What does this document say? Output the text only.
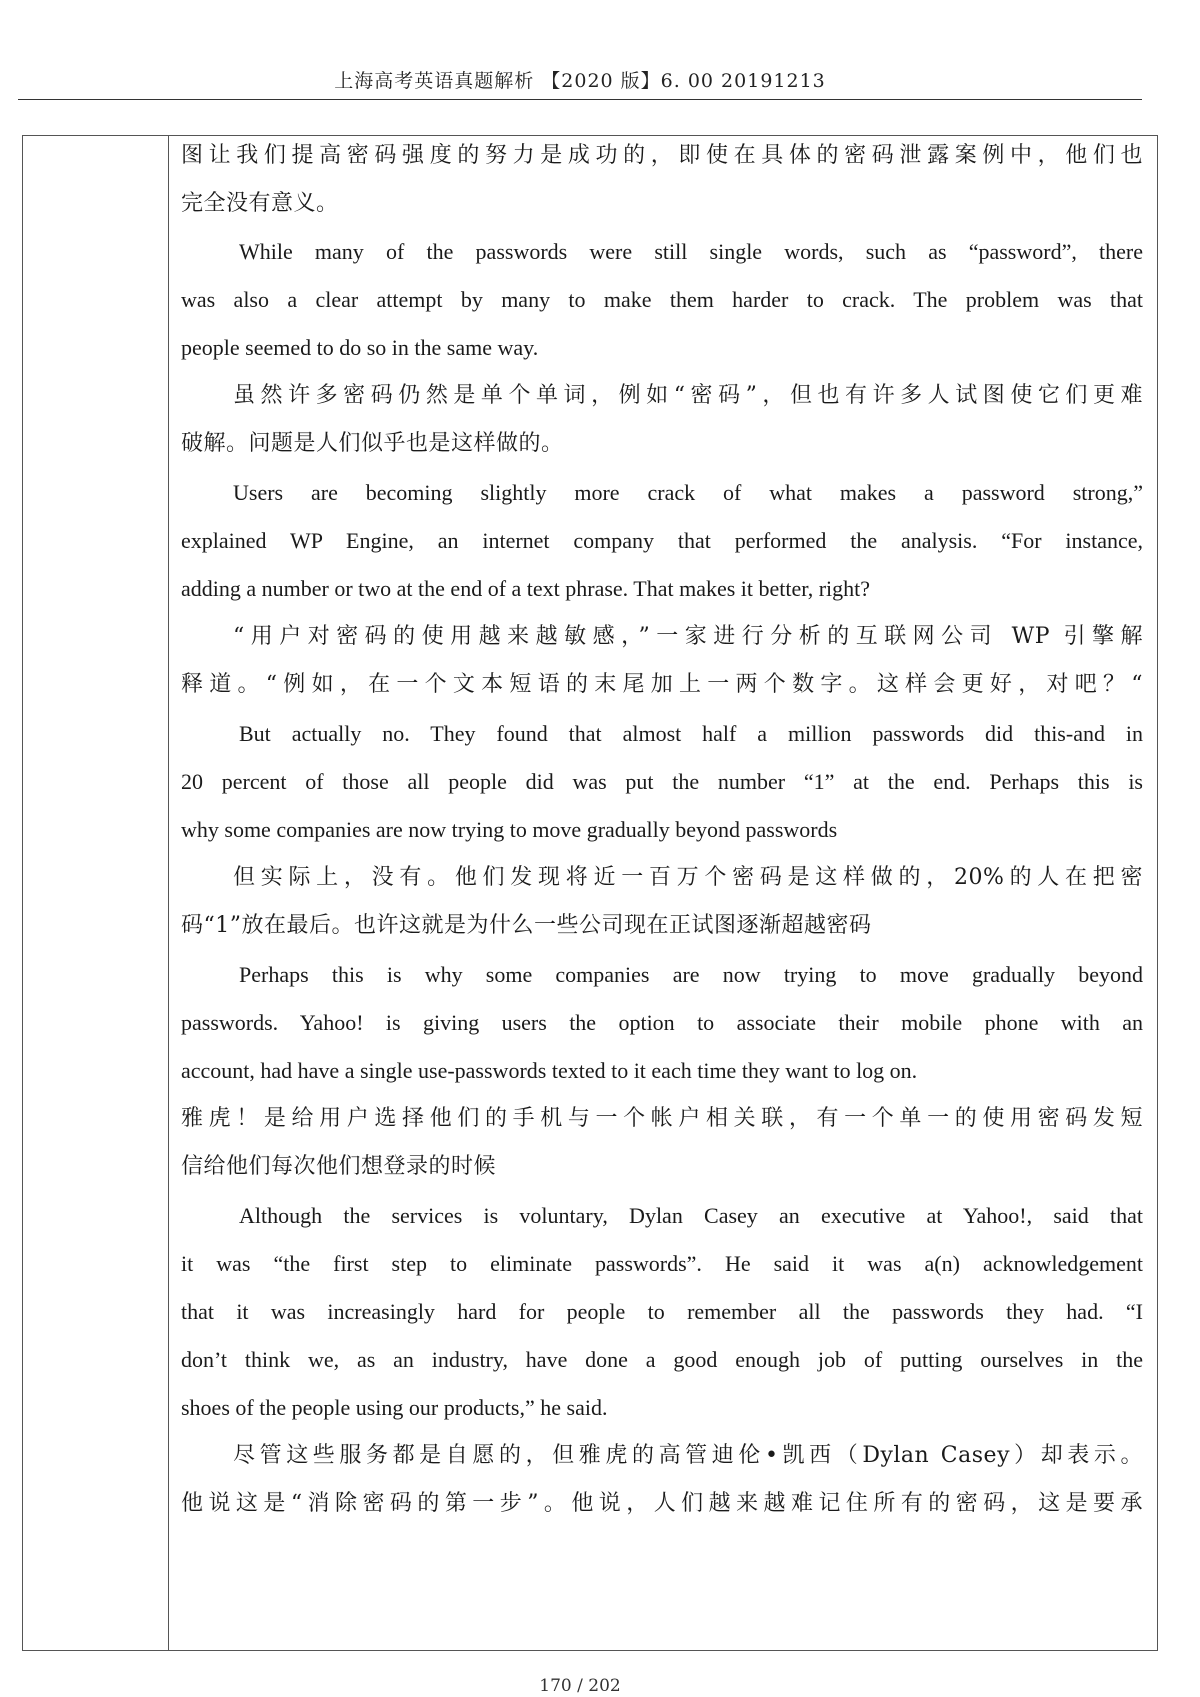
上海高考英语真题解析 【2020 版】6. 00 20191213
图让我们提高密码强度的努力是成功的，即使在具体的密码泄露案例中，他们也
完全没有意义。
While many of the passwords were still single words, such as “password”, there
was also a clear attempt by many to make them harder to crack. The problem was that
people seemed to do so in the same way.
虽然许多密码仍然是单个单词，例如“密码”，但也有许多人试图使它们更难
破解。问题是人们似乎也是这样做的。
Users are becoming slightly more crack of what makes a password strong,”
explained WP Engine, an internet company that performed the analysis. “For instance,
adding a number or two at the end of a text phrase. That makes it better, right?
“用户对密码的使用越来越敏感，”一家进行分析的互联网公司 WP 引擎解
释道。“例如，在一个文本短语的末尾加上一两个数字。这样会更好，对吧？“
But actually no. They found that almost half a million passwords did this-and in
20 percent of those all people did was put the number “1” at the end. Perhaps this is
why some companies are now trying to move gradually beyond passwords
但实际上，没有。他们发现将近一百万个密码是这样做的，20%的人在把密
码“1”放在最后。也许这就是为什么一些公司现在正试图逐渐超越密码
Perhaps this is why some companies are now trying to move gradually beyond
passwords. Yahoo! is giving users the option to associate their mobile phone with an
account, had have a single use-passwords texted to it each time they want to log on.
雅虎！是给用户选择他们的手机与一个帐户相关联，有一个单一的使用密码发短
信给他们每次他们想登录的时候
Although the services is voluntary, Dylan Casey an executive at Yahoo!, said that
it was “the first step to eliminate passwords”. He said it was a(n) acknowledgement
that it was increasingly hard for people to remember all the passwords they had. “I
don’t think we, as an industry, have done a good enough job of putting ourselves in the
shoes of the people using our products,” he said.
尽管这些服务都是自愿的，但雅虎的高管迪伦•凯西（Dylan Casey）却表示。
他说这是“消除密码的第一步”。他说，人们越来越难记住所有的密码，这是要承
170 / 202
